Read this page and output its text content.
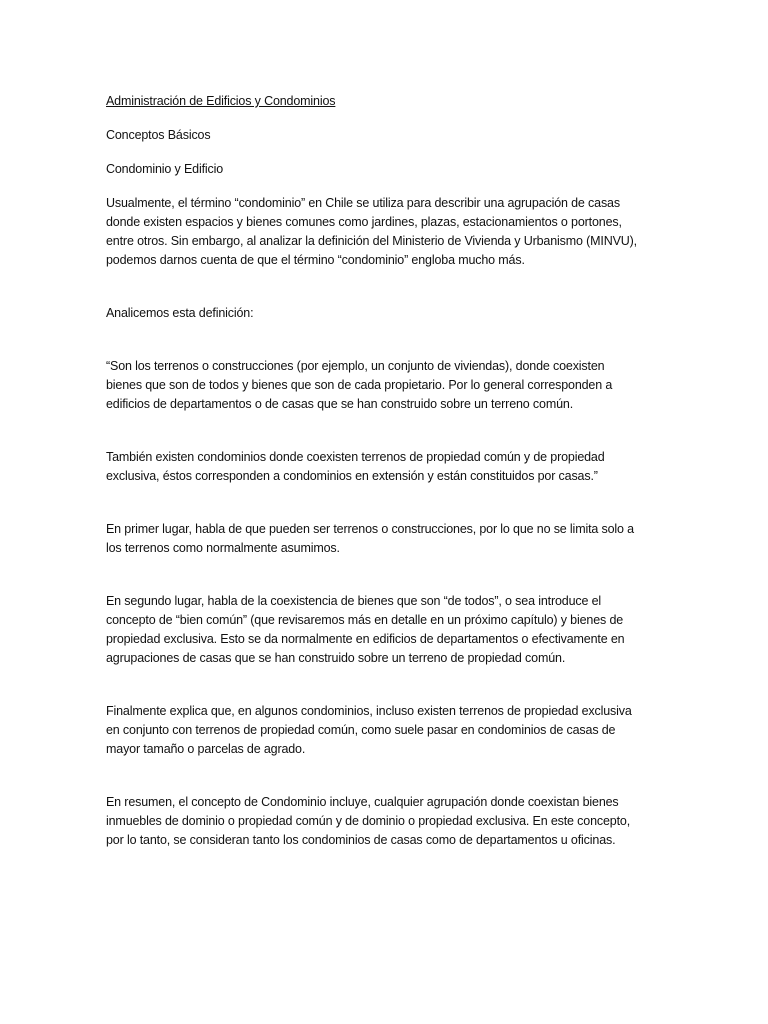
Administración de Edificios y Condominios

Conceptos Básicos

Condominio y Edificio

Usualmente, el término “condominio” en Chile se utiliza para describir una agrupación de casas

donde existen espacios y bienes comunes como jardines, plazas, estacionamientos o portones,

entre otros. Sin embargo, al analizar la definición del Ministerio de Vivienda y Urbanismo (MINVU),

podemos darnos cuenta de que el término “condominio” engloba mucho más.

Analicemos esta definición:

“Son los terrenos o construcciones (por ejemplo, un conjunto de viviendas), donde coexisten

bienes que son de todos y bienes que son de cada propietario. Por lo general corresponden a

edificios de departamentos o de casas que se han construido sobre un terreno común.

También existen condominios donde coexisten terrenos de propiedad común y de propiedad

exclusiva, éstos corresponden a condominios en extensión y están constituidos por casas.”

En primer lugar, habla de que pueden ser terrenos o construcciones, por lo que no se limita solo a

los terrenos como normalmente asumimos.

En segundo lugar, habla de la coexistencia de bienes que son “de todos”, o sea introduce el

concepto de “bien común” (que revisaremos más en detalle en un próximo capítulo) y bienes de

propiedad exclusiva. Esto se da normalmente en edificios de departamentos o efectivamente en

agrupaciones de casas que se han construido sobre un terreno de propiedad común.

Finalmente explica que, en algunos condominios, incluso existen terrenos de propiedad exclusiva

en conjunto con terrenos de propiedad común, como suele pasar en condominios de casas de

mayor tamaño o parcelas de agrado.

En resumen, el concepto de Condominio incluye, cualquier agrupación donde coexistan bienes

inmuebles de dominio o propiedad común y de dominio o propiedad exclusiva. En este concepto,

por lo tanto, se consideran tanto los condominios de casas como de departamentos u oficinas.
